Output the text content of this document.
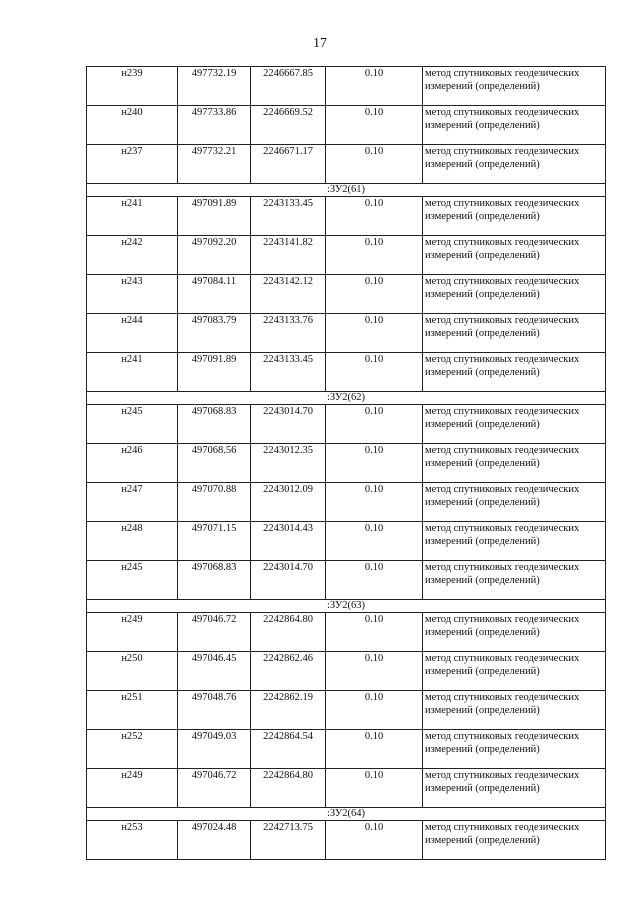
17
н239	497732.19	2246667.85	0.10	метод спутниковых геодезических измерений (определений)
н240	497733.86	2246669.52	0.10	метод спутниковых геодезических измерений (определений)
н237	497732.21	2246671.17	0.10	метод спутниковых геодезических измерений (определений)
:ЗУ2(61)				
н241	497091.89	2243133.45	0.10	метод спутниковых геодезических измерений (определений)
н242	497092.20	2243141.82	0.10	метод спутниковых геодезических измерений (определений)
н243	497084.11	2243142.12	0.10	метод спутниковых геодезических измерений (определений)
н244	497083.79	2243133.76	0.10	метод спутниковых геодезических измерений (определений)
н241	497091.89	2243133.45	0.10	метод спутниковых геодезических измерений (определений)
:ЗУ2(62)				
н245	497068.83	2243014.70	0.10	метод спутниковых геодезических измерений (определений)
н246	497068.56	2243012.35	0.10	метод спутниковых геодезических измерений (определений)
н247	497070.88	2243012.09	0.10	метод спутниковых геодезических измерений (определений)
н248	497071.15	2243014.43	0.10	метод спутниковых геодезических измерений (определений)
н245	497068.83	2243014.70	0.10	метод спутниковых геодезических измерений (определений)
:ЗУ2(63)				
н249	497046.72	2242864.80	0.10	метод спутниковых геодезических измерений (определений)
н250	497046.45	2242862.46	0.10	метод спутниковых геодезических измерений (определений)
н251	497048.76	2242862.19	0.10	метод спутниковых геодезических измерений (определений)
н252	497049.03	2242864.54	0.10	метод спутниковых геодезических измерений (определений)
н249	497046.72	2242864.80	0.10	метод спутниковых геодезических измерений (определений)
:ЗУ2(64)				
н253	497024.48	2242713.75	0.10	метод спутниковых геодезических измерений (определений)
